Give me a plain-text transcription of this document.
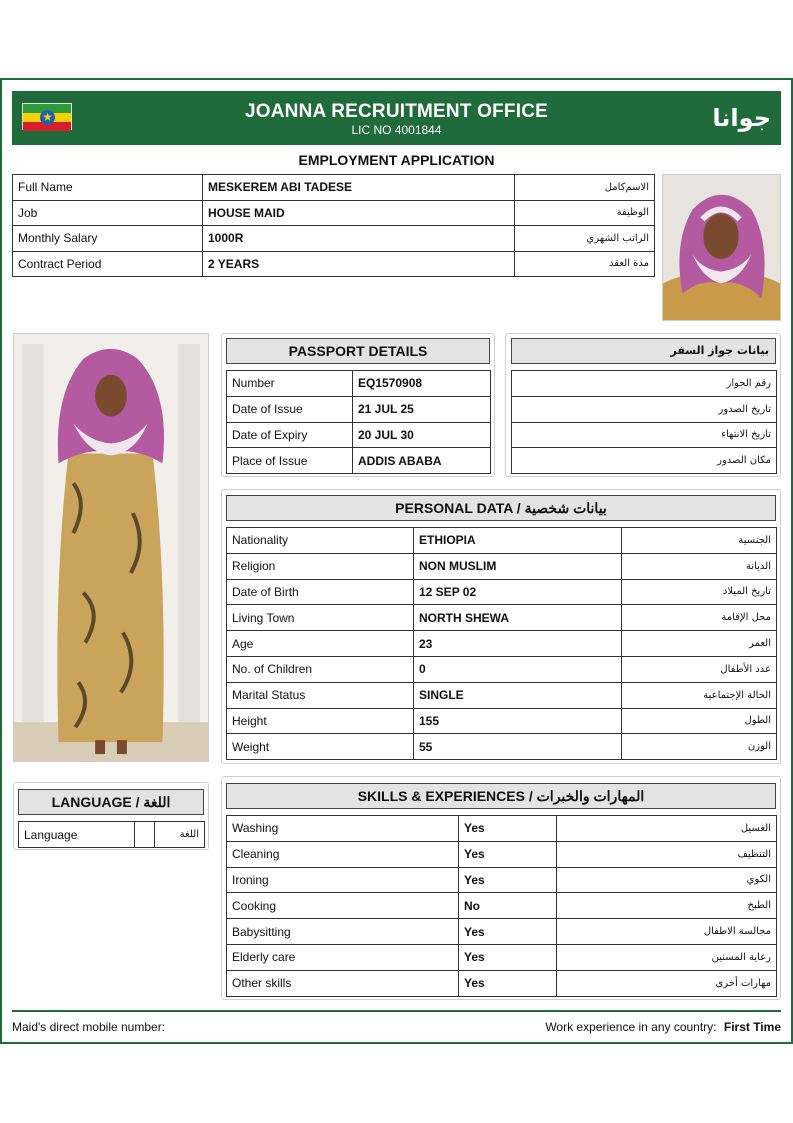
★	JOANNA RECRUITMENT OFFICE
LIC NO 4001844	جوانا
EMPLOYMENT APPLICATION
Full Name	MESKEREM ABI TADESE	الاسم‌کامل‌
Job	HOUSE MAID	الوظيفة
Monthly Salary	1000R	الراتب الشهري
Contract Period	2 YEARS	مدة العقد
PASSPORT DETAILS
Number	EQ1570908
Date of Issue	21 JUL 25
Date of Expiry	20 JUL 30
Place of Issue	ADDIS ABABA
بيانات جواز السفر
رقم الجواز
تاريخ الصدور
تاريخ الانتهاء
مكان الصدور
PERSONAL DATA / بيانات شخصية
Nationality	ETHIOPIA	الجنسية
Religion	NON MUSLIM	الديانة
Date of Birth	12 SEP 02	تاريخ الميلاد
Living Town	NORTH SHEWA	محل الإقامة
Age	23	العمر
No. of Children	0	عدد الأطفال
Marital Status	SINGLE	الحالة الإجتماعية
Height	155	الطول
Weight	55	الوزن
LANGUAGE / اللغة
Language		اللغة
SKILLS & EXPERIENCES / المهارات والخبرات
Washing	Yes	الغسيل
Cleaning	Yes	التنظيف
Ironing	Yes	الكوي
Cooking	No	الطبخ
Babysitting	Yes	مجالسة الاطفال
Elderly care	Yes	رعاية المسنين
Other skills	Yes	مهارات أخرى
Maid's direct mobile number:	Work experience in any country: First Time
